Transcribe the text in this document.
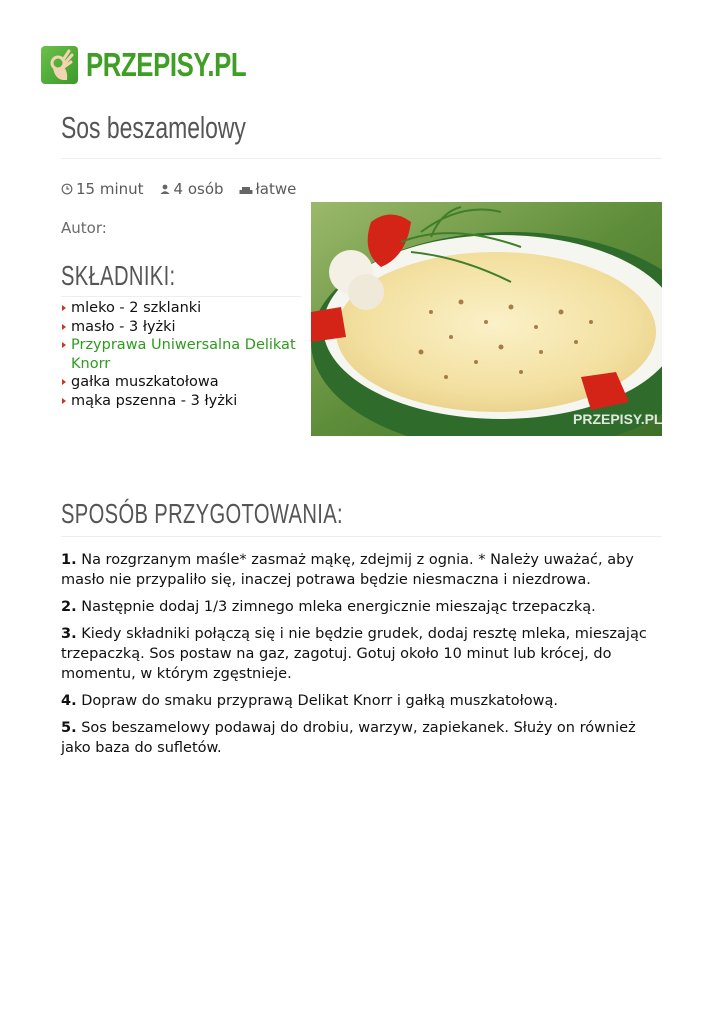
PRZEPISY.PL
Sos beszamelowy
15 minut 4 osób łatwe
Autor:
SKŁADNIKI:
mleko - 2 szklanki
masło - 3 łyżki
Przyprawa Uniwersalna Delikat Knorr
gałka muszkatołowa
mąka pszenna - 3 łyżki
PRZEPISY.PL
SPOSÓB PRZYGOTOWANIA:
1. Na rozgrzanym maśle* zasmaż mąkę, zdejmij z ognia. * Należy uważać, aby masło nie przypaliło się, inaczej potrawa będzie niesmaczna i niezdrowa.
2. Następnie dodaj 1/3 zimnego mleka energicznie mieszając trzepaczką.
3. Kiedy składniki połączą się i nie będzie grudek, dodaj resztę mleka, mieszając trzepaczką. Sos postaw na gaz, zagotuj. Gotuj około 10 minut lub krócej, do momentu, w którym zgęstnieje.
4. Dopraw do smaku przyprawą Delikat Knorr i gałką muszkatołową.
5. Sos beszamelowy podawaj do drobiu, warzyw, zapiekanek. Służy on również jako baza do sufletów.
